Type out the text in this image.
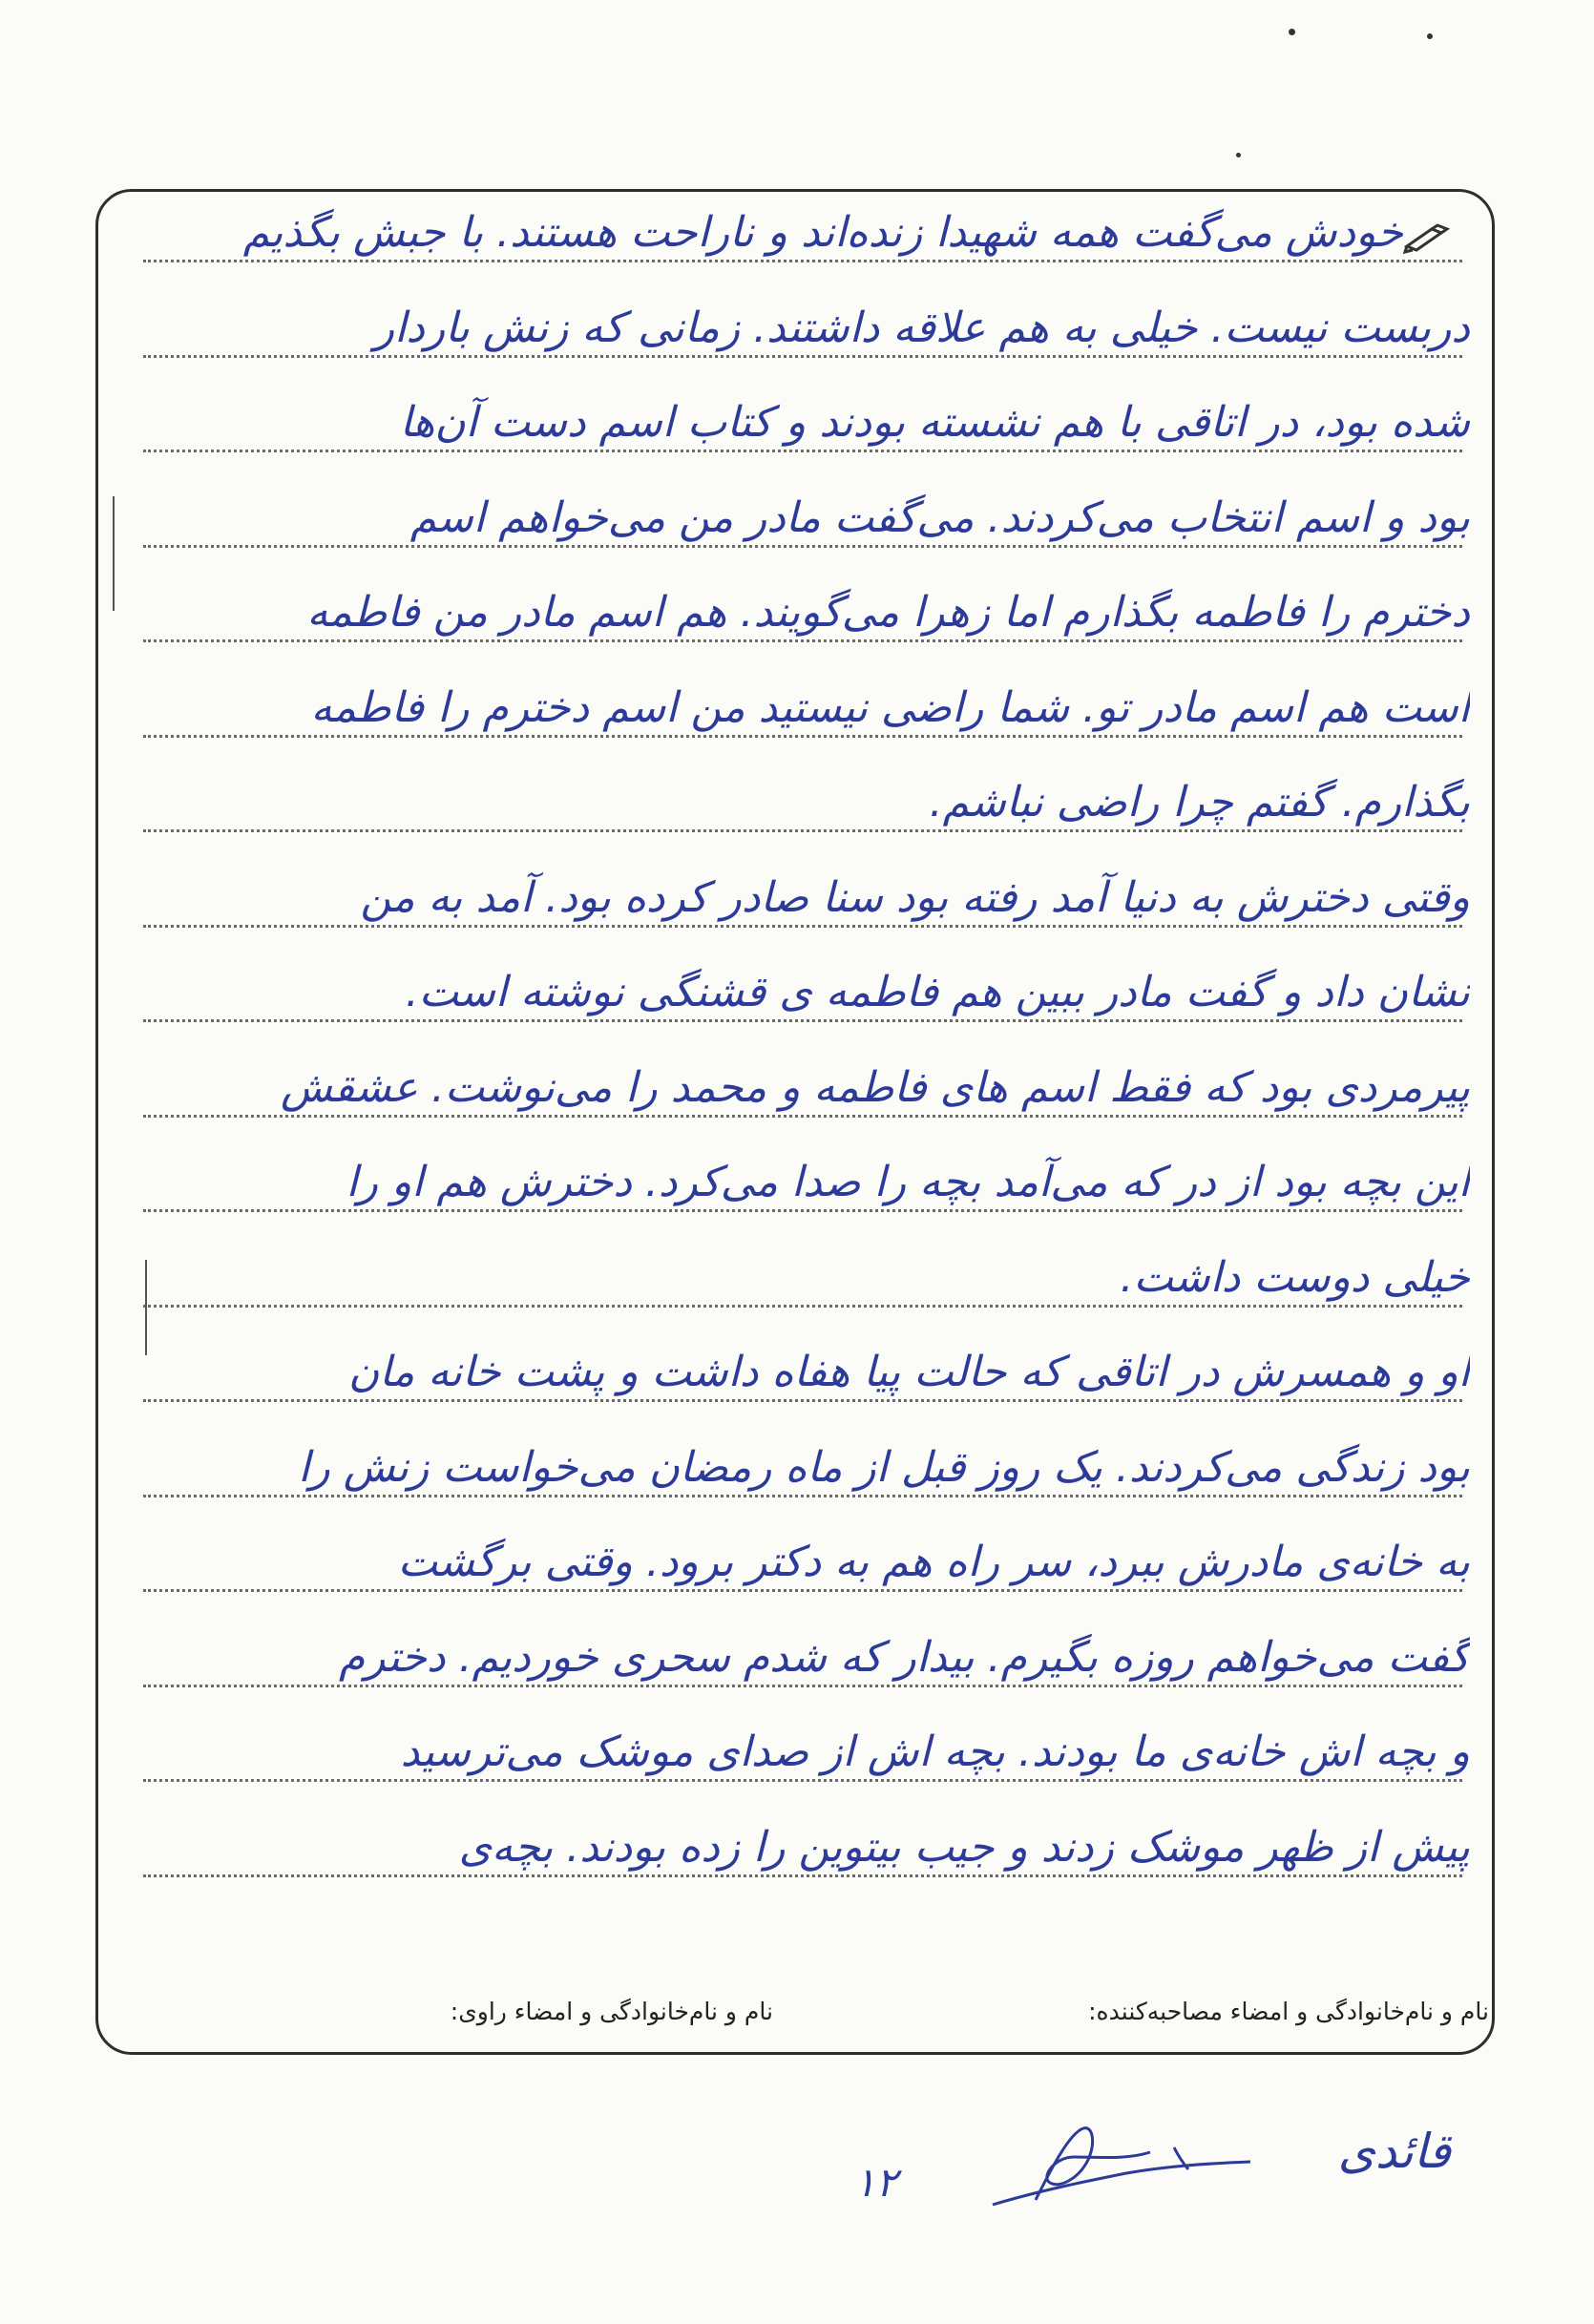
خودش می‌گفت همه شهیدا زنده‌اند و ناراحت هستند. با جبش بگذیم
دربست نیست. خیلی به هم علاقه داشتند. زمانی که زنش باردار
شده بود، در اتاقی با هم نشسته بودند و کتاب اسم دست آن‌ها
بود و اسم انتخاب می‌کردند. می‌گفت مادر من می‌خواهم اسم
دخترم را فاطمه بگذارم اما زهرا می‌گویند. هم اسم مادر من فاطمه
است هم اسم مادر تو. شما راضی نیستید من اسم دخترم را فاطمه
بگذارم. گفتم چرا راضی نباشم.
وقتی دخترش به دنیا آمد رفته بود سنا صادر کرده بود. آمد به من
نشان داد و گفت مادر ببین هم فاطمه ی قشنگی نوشته است.
پیرمردی بود که فقط اسم های فاطمه و محمد را می‌نوشت. عشقش
این بچه بود از در که می‌آمد بچه را صدا می‌کرد. دخترش هم او را
خیلی دوست داشت.
او و همسرش در اتاقی که حالت پیا هفاه داشت و پشت خانه مان
بود زندگی می‌کردند. یک روز قبل از ماه رمضان می‌خواست زنش را
به خانه‌ی مادرش ببرد، سر راه هم به دکتر برود. وقتی برگشت
گفت می‌خواهم روزه بگیرم. بیدار که شدم سحری خوردیم. دخترم
و بچه اش خانه‌ی ما بودند. بچه اش از صدای موشک می‌ترسید
پیش از ظهر موشک زدند و جیب بیتوین را زده بودند. بچه‌ی
نام و نام‌خانوادگی و امضاء مصاحبه‌کننده:
نام و نام‌خانوادگی و امضاء راوی:
قائدی
۱۲
